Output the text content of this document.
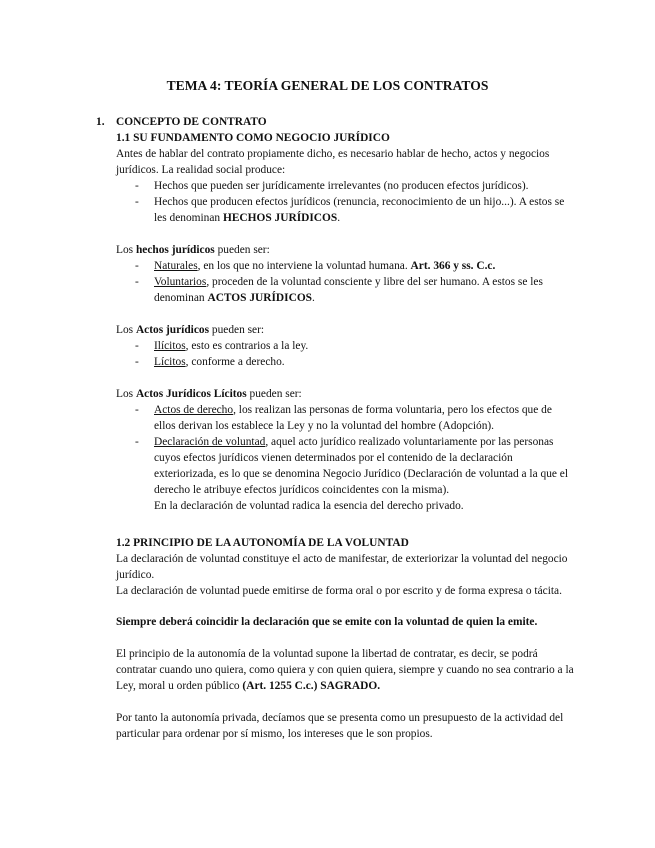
TEMA 4: TEORÍA GENERAL DE LOS CONTRATOS
1. CONCEPTO DE CONTRATO
1.1 SU FUNDAMENTO COMO NEGOCIO JURÍDICO
Antes de hablar del contrato propiamente dicho, es necesario hablar de hecho, actos y negocios jurídicos. La realidad social produce:
- Hechos que pueden ser jurídicamente irrelevantes (no producen efectos jurídicos).
- Hechos que producen efectos jurídicos (renuncia, reconocimiento de un hijo...). A estos se les denominan HECHOS JURÍDICOS.
Los hechos jurídicos pueden ser:
- Naturales, en los que no interviene la voluntad humana. Art. 366 y ss. C.c.
- Voluntarios, proceden de la voluntad consciente y libre del ser humano. A estos se les denominan ACTOS JURÍDICOS.
Los Actos jurídicos pueden ser:
- Ilícitos, esto es contrarios a la ley.
- Lícitos, conforme a derecho.
Los Actos Jurídicos Lícitos pueden ser:
- Actos de derecho, los realizan las personas de forma voluntaria, pero los efectos que de ellos derivan los establece la Ley y no la voluntad del hombre (Adopción).
- Declaración de voluntad, aquel acto jurídico realizado voluntariamente por las personas cuyos efectos jurídicos vienen determinados por el contenido de la declaración exteriorizada, es lo que se denomina Negocio Jurídico (Declaración de voluntad a la que el derecho le atribuye efectos jurídicos coincidentes con la misma).
En la declaración de voluntad radica la esencia del derecho privado.
1.2 PRINCIPIO DE LA AUTONOMÍA DE LA VOLUNTAD
La declaración de voluntad constituye el acto de manifestar, de exteriorizar la voluntad del negocio jurídico.
La declaración de voluntad puede emitirse de forma oral o por escrito y de forma expresa o tácita.
Siempre deberá coincidir la declaración que se emite con la voluntad de quien la emite.
El principio de la autonomía de la voluntad supone la libertad de contratar, es decir, se podrá contratar cuando uno quiera, como quiera y con quien quiera, siempre y cuando no sea contrario a la Ley, moral u orden público (Art. 1255 C.c.) SAGRADO.
Por tanto la autonomía privada, decíamos que se presenta como un presupuesto de la actividad del particular para ordenar por sí mismo, los intereses que le son propios.
